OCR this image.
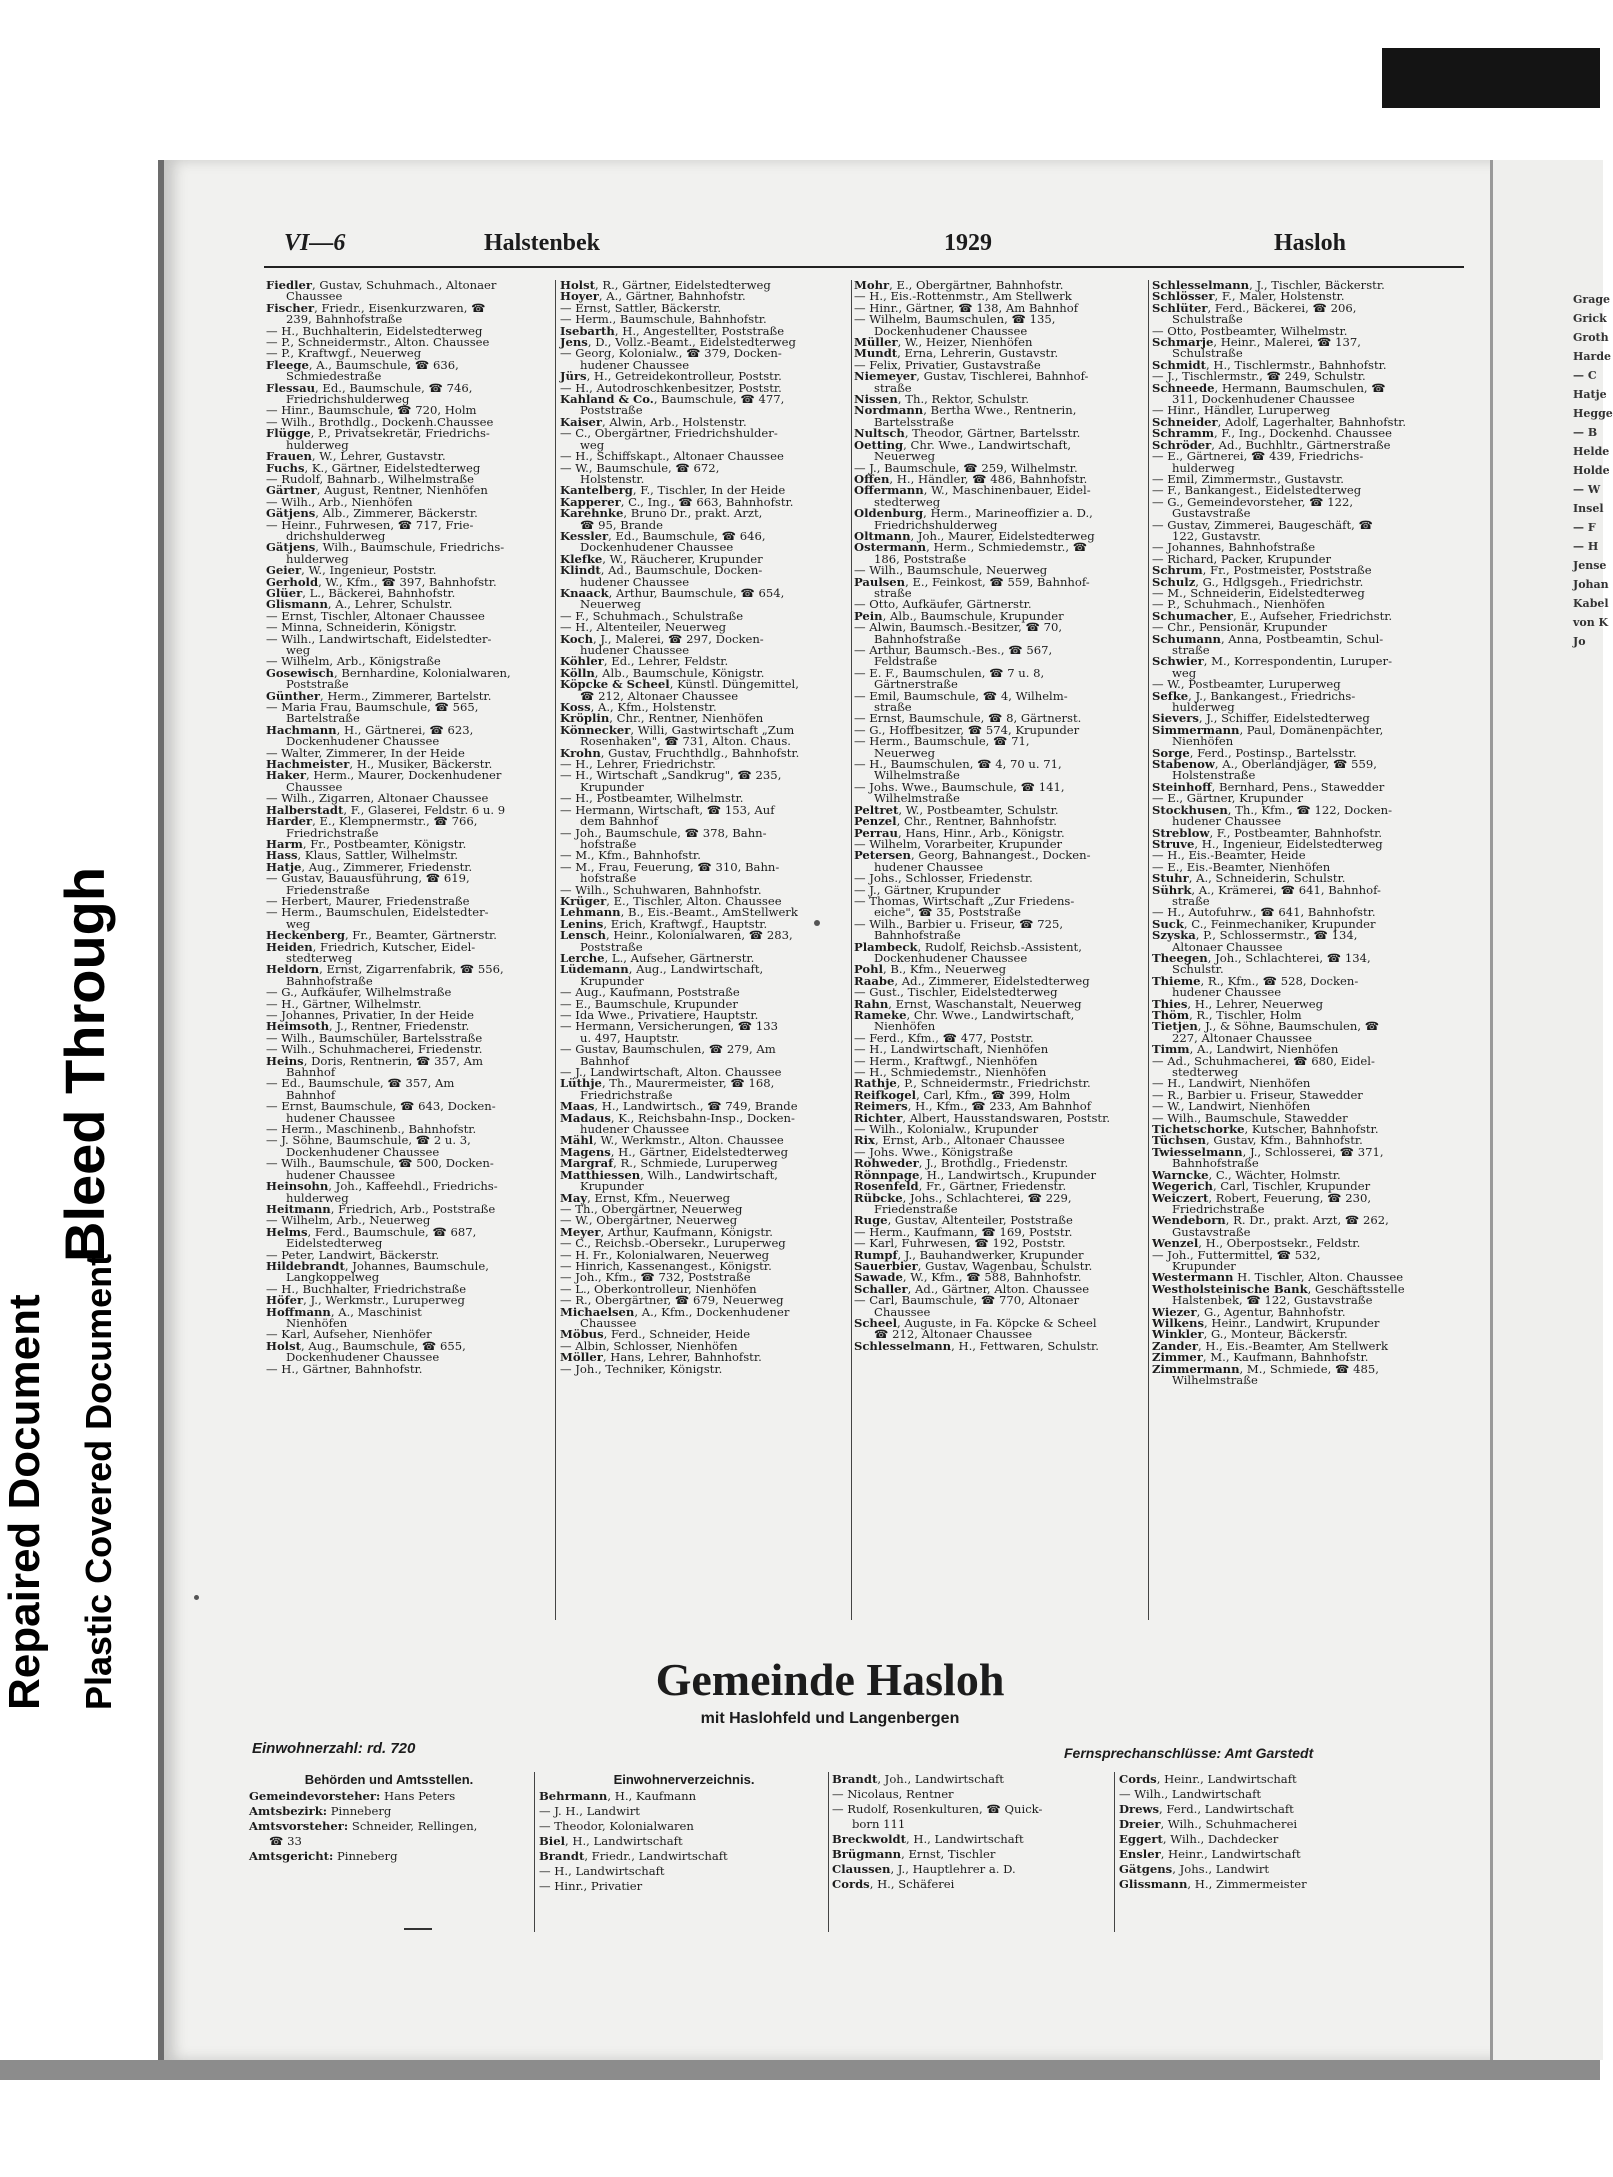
Repaired Document Plastic Covered Document
Bleed Through
VI—6	Halstenbek	1929	Hasloh
Fiedler, Gustav, Schuhmach., Altonaer
Chaussee
Fischer, Friedr., Eisenkurzwaren, ☎
239, Bahnhofstraße
— H., Buchhalterin, Eidelstedterweg
— P., Schneidermstr., Alton. Chaussee
— P., Kraftwgf., Neuerweg
Fleege, A., Baumschule, ☎ 636,
Schmiedestraße
Flessau, Ed., Baumschule, ☎ 746,
Friedrichshulderweg
— Hinr., Baumschule, ☎ 720, Holm
— Wilh., Brothdlg., Dockenh.Chaussee
Flügge, P., Privatsekretär, Friedrichs-
hulderweg
Frauen, W., Lehrer, Gustavstr.
Fuchs, K., Gärtner, Eidelstedterweg
— Rudolf, Bahnarb., Wilhelmstraße
Gärtner, August, Rentner, Nienhöfen
— Wilh., Arb., Nienhöfen
Gätjens, Alb., Zimmerer, Bäckerstr.
— Heinr., Fuhrwesen, ☎ 717, Frie-
drichshulderweg
Gätjens, Wilh., Baumschule, Friedrichs-
hulderweg
Geier, W., Ingenieur, Poststr.
Gerhold, W., Kfm., ☎ 397, Bahnhofstr.
Glüer, L., Bäckerei, Bahnhofstr.
Glismann, A., Lehrer, Schulstr.
— Ernst, Tischler, Altonaer Chaussee
— Minna, Schneiderin, Königstr.
— Wilh., Landwirtschaft, Eidelstedter-
weg
— Wilhelm, Arb., Königstraße
Gosewisch, Bernhardine, Kolonialwaren,
Poststraße
Günther, Herm., Zimmerer, Bartelstr.
— Maria Frau, Baumschule, ☎ 565,
Bartelstraße
Hachmann, H., Gärtnerei, ☎ 623,
Dockenhudener Chaussee
— Walter, Zimmerer, In der Heide
Hachmeister, H., Musiker, Bäckerstr.
Haker, Herm., Maurer, Dockenhudener
Chaussee
— Wilh., Zigarren, Altonaer Chaussee
Halberstadt, F., Glaserei, Feldstr. 6 u. 9
Harder, E., Klempnermstr., ☎ 766,
Friedrichstraße
Harm, Fr., Postbeamter, Königstr.
Hass, Klaus, Sattler, Wilhelmstr.
Hatje, Aug., Zimmerer, Friedenstr.
— Gustav, Bauausführung, ☎ 619,
Friedenstraße
— Herbert, Maurer, Friedenstraße
— Herm., Baumschulen, Eidelstedter-
weg
Heckenberg, Fr., Beamter, Gärtnerstr.
Heiden, Friedrich, Kutscher, Eidel-
stedterweg
Heldorn, Ernst, Zigarrenfabrik, ☎ 556,
Bahnhofstraße
— G., Aufkäufer, Wilhelmstraße
— H., Gärtner, Wilhelmstr.
— Johannes, Privatier, In der Heide
Heimsoth, J., Rentner, Friedenstr.
— Wilh., Baumschüler, Bartelsstraße
— Wilh., Schuhmacherei, Friedenstr.
Heins, Doris, Rentnerin, ☎ 357, Am
Bahnhof
— Ed., Baumschule, ☎ 357, Am
Bahnhof
— Ernst, Baumschule, ☎ 643, Docken-
hudener Chaussee
— Herm., Maschinenb., Bahnhofstr.
— J. Söhne, Baumschule, ☎ 2 u. 3,
Dockenhudener Chaussee
— Wilh., Baumschule, ☎ 500, Docken-
hudener Chaussee
Heinsohn, Joh., Kaffeehdl., Friedrichs-
hulderweg
Heitmann, Friedrich, Arb., Poststraße
— Wilhelm, Arb., Neuerweg
Helms, Ferd., Baumschule, ☎ 687,
Eidelstedterweg
— Peter, Landwirt, Bäckerstr.
Hildebrandt, Johannes, Baumschule,
Langkoppelweg
— H., Buchhalter, Friedrichstraße
Höfer, J., Werkmstr., Luruperweg
Hoffmann, A., Maschinist
Nienhöfen
— Karl, Aufseher, Nienhöfer
Holst, Aug., Baumschule, ☎ 655,
Dockenhudener Chaussee
— H., Gärtner, Bahnhofstr.
Holst, R., Gärtner, Eidelstedterweg
Hoyer, A., Gärtner, Bahnhofstr.
— Ernst, Sattler, Bäckerstr.
— Herm., Baumschule, Bahnhofstr.
Isebarth, H., Angestellter, Poststraße
Jens, D., Vollz.-Beamt., Eidelstedterweg
— Georg, Kolonialw., ☎ 379, Docken-
hudener Chaussee
Jürs, H., Getreidekontrolleur, Poststr.
— H., Autodroschkenbesitzer, Poststr.
Kahland & Co., Baumschule, ☎ 477,
Poststraße
Kaiser, Alwin, Arb., Holstenstr.
— C., Obergärtner, Friedrichshulder-
weg
— H., Schiffskapt., Altonaer Chaussee
— W., Baumschule, ☎ 672,
Holstenstr.
Kantelberg, F., Tischler, In der Heide
Kapperer, C., Ing., ☎ 663, Bahnhofstr.
Karehnke, Bruno Dr., prakt. Arzt,
☎ 95, Brande
Kessler, Ed., Baumschule, ☎ 646,
Dockenhudener Chaussee
Klefke, W., Räucherer, Krupunder
Klindt, Ad., Baumschule, Docken-
hudener Chaussee
Knaack, Arthur, Baumschule, ☎ 654,
Neuerweg
— F., Schuhmach., Schulstraße
— H., Altenteiler, Neuerweg
Koch, J., Malerei, ☎ 297, Docken-
hudener Chaussee
Köhler, Ed., Lehrer, Feldstr.
Kölln, Alb., Baumschule, Königstr.
Köpcke & Scheel, Künstl. Düngemittel,
☎ 212, Altonaer Chaussee
Koss, A., Kfm., Holstenstr.
Kröplin, Chr., Rentner, Nienhöfen
Könnecker, Willi, Gastwirtschaft „Zum
Rosenhaken", ☎ 731, Alton. Chaus.
Krohn, Gustav, Fruchthdlg., Bahnhofstr.
— H., Lehrer, Friedrichstr.
— H., Wirtschaft „Sandkrug", ☎ 235,
Krupunder
— H., Postbeamter, Wilhelmstr.
— Hermann, Wirtschaft, ☎ 153, Auf
dem Bahnhof
— Joh., Baumschule, ☎ 378, Bahn-
hofstraße
— M., Kfm., Bahnhofstr.
— M., Frau, Feuerung, ☎ 310, Bahn-
hofstraße
— Wilh., Schuhwaren, Bahnhofstr.
Krüger, E., Tischler, Alton. Chaussee
Lehmann, B., Eis.-Beamt., AmStellwerk
Lenins, Erich, Kraftwgf., Hauptstr.
Lensch, Heinr., Kolonialwaren, ☎ 283,
Poststraße
Lerche, L., Aufseher, Gärtnerstr.
Lüdemann, Aug., Landwirtschaft,
Krupunder
— Aug., Kaufmann, Poststraße
— E., Baumschule, Krupunder
— Ida Wwe., Privatiere, Hauptstr.
— Hermann, Versicherungen, ☎ 133
u. 497, Hauptstr.
— Gustav, Baumschulen, ☎ 279, Am
Bahnhof
— J., Landwirtschaft, Alton. Chaussee
Lüthje, Th., Maurermeister, ☎ 168,
Friedrichstraße
Maas, H., Landwirtsch., ☎ 749, Brande
Madaus, K., Reichsbahn-Insp., Docken-
hudener Chaussee
Mähl, W., Werkmstr., Alton. Chaussee
Magens, H., Gärtner, Eidelstedterweg
Margraf, R., Schmiede, Luruperweg
Matthiessen, Wilh., Landwirtschaft,
Krupunder
May, Ernst, Kfm., Neuerweg
— Th., Obergärtner, Neuerweg
— W., Obergärtner, Neuerweg
Meyer, Arthur, Kaufmann, Königstr.
— C., Reichsb.-Obersekr., Luruperweg
— H. Fr., Kolonialwaren, Neuerweg
— Hinrich, Kassenangest., Königstr.
— Joh., Kfm., ☎ 732, Poststraße
— L., Oberkontrolleur, Nienhöfen
— R., Obergärtner, ☎ 679, Neuerweg
Michaelsen, A., Kfm., Dockenhudener
Chaussee
Möbus, Ferd., Schneider, Heide
— Albin, Schlosser, Nienhöfen
Möller, Hans, Lehrer, Bahnhofstr.
— Joh., Techniker, Königstr.
Mohr, E., Obergärtner, Bahnhofstr.
— H., Eis.-Rottenmstr., Am Stellwerk
— Hinr., Gärtner, ☎ 138, Am Bahnhof
— Wilhelm, Baumschulen, ☎ 135,
Dockenhudener Chaussee
Müller, W., Heizer, Nienhöfen
Mundt, Erna, Lehrerin, Gustavstr.
— Felix, Privatier, Gustavstraße
Niemeyer, Gustav, Tischlerei, Bahnhof-
straße
Nissen, Th., Rektor, Schulstr.
Nordmann, Bertha Wwe., Rentnerin,
Bartelsstraße
Nultsch, Theodor, Gärtner, Bartelsstr.
Oetting, Chr. Wwe., Landwirtschaft,
Neuerweg
— J., Baumschule, ☎ 259, Wilhelmstr.
Offen, H., Händler, ☎ 486, Bahnhofstr.
Offermann, W., Maschinenbauer, Eidel-
stedterweg
Oldenburg, Herm., Marineoffizier a. D.,
Friedrichshulderweg
Oltmann, Joh., Maurer, Eidelstedterweg
Ostermann, Herm., Schmiedemstr., ☎
186, Poststraße
— Wilh., Baumschule, Neuerweg
Paulsen, E., Feinkost, ☎ 559, Bahnhof-
straße
— Otto, Aufkäufer, Gärtnerstr.
Pein, Alb., Baumschule, Krupunder
— Alwin, Baumsch.-Besitzer, ☎ 70,
Bahnhofstraße
— Arthur, Baumsch.-Bes., ☎ 567,
Feldstraße
— E. F., Baumschulen, ☎ 7 u. 8,
Gärtnerstraße
— Emil, Baumschule, ☎ 4, Wilhelm-
straße
— Ernst, Baumschule, ☎ 8, Gärtnerst.
— G., Hoffbesitzer, ☎ 574, Krupunder
— Herm., Baumschule, ☎ 71,
Neuerweg
— H., Baumschulen, ☎ 4, 70 u. 71,
Wilhelmstraße
— Johs. Wwe., Baumschule, ☎ 141,
Wilhelmstraße
Peltret, W., Postbeamter, Schulstr.
Penzel, Chr., Rentner, Bahnhofstr.
Perrau, Hans, Hinr., Arb., Königstr.
— Wilhelm, Vorarbeiter, Krupunder
Petersen, Georg, Bahnangest., Docken-
hudener Chaussee
— Johs., Schlosser, Friedenstr.
— J., Gärtner, Krupunder
— Thomas, Wirtschaft „Zur Friedens-
eiche", ☎ 35, Poststraße
— Wilh., Barbier u. Friseur, ☎ 725,
Bahnhofstraße
Plambeck, Rudolf, Reichsb.-Assistent,
Dockenhudener Chaussee
Pohl, B., Kfm., Neuerweg
Raabe, Ad., Zimmerer, Eidelstedterweg
— Gust., Tischler, Eidelstedterweg
Rahn, Ernst, Waschanstalt, Neuerweg
Rameke, Chr. Wwe., Landwirtschaft,
Nienhöfen
— Ferd., Kfm., ☎ 477, Poststr.
— H., Landwirtschaft, Nienhöfen
— Herm., Kraftwgf., Nienhöfen
— H., Schmiedemstr., Nienhöfen
Rathje, P., Schneidermstr., Friedrichstr.
Reifkogel, Carl, Kfm., ☎ 399, Holm
Reimers, H., Kfm., ☎ 233, Am Bahnhof
Richter, Albert, Hausstandswaren, Poststr.
— Wilh., Kolonialw., Krupunder
Rix, Ernst, Arb., Altonaer Chaussee
— Johs. Wwe., Königstraße
Rohweder, J., Brothdlg., Friedenstr.
Rönnpage, H., Landwirtsch., Krupunder
Rosenfeld, Fr., Gärtner, Friedenstr.
Rübcke, Johs., Schlachterei, ☎ 229,
Friedenstraße
Ruge, Gustav, Altenteiler, Poststraße
— Herm., Kaufmann, ☎ 169, Poststr.
— Karl, Fuhrwesen, ☎ 192, Poststr.
Rumpf, J., Bauhandwerker, Krupunder
Sauerbier, Gustav, Wagenbau, Schulstr.
Sawade, W., Kfm., ☎ 588, Bahnhofstr.
Schaller, Ad., Gärtner, Alton. Chaussee
— Carl, Baumschule, ☎ 770, Altonaer
Chaussee
Scheel, Auguste, in Fa. Köpcke & Scheel
☎ 212, Altonaer Chaussee
Schlesselmann, H., Fettwaren, Schulstr.
Schlesselmann, J., Tischler, Bäckerstr.
Schlösser, F., Maler, Holstenstr.
Schlüter, Ferd., Bäckerei, ☎ 206,
Schulstraße
— Otto, Postbeamter, Wilhelmstr.
Schmarje, Heinr., Malerei, ☎ 137,
Schulstraße
Schmidt, H., Tischlermstr., Bahnhofstr.
— J., Tischlermstr., ☎ 249, Schulstr.
Schneede, Hermann, Baumschulen, ☎
311, Dockenhudener Chaussee
— Hinr., Händler, Luruperweg
Schneider, Adolf, Lagerhalter, Bahnhofstr.
Schramm, F., Ing., Dockenhd. Chaussee
Schröder, Ad., Buchhltr., Gärtnerstraße
— E., Gärtnerei, ☎ 439, Friedrichs-
hulderweg
— Emil, Zimmermstr., Gustavstr.
— F., Bankangest., Eidelstedterweg
— G., Gemeindevorsteher, ☎ 122,
Gustavstraße
— Gustav, Zimmerei, Baugeschäft, ☎
122, Gustavstr.
— Johannes, Bahnhofstraße
— Richard, Packer, Krupunder
Schrum, Fr., Postmeister, Poststraße
Schulz, G., Hdlgsgeh., Friedrichstr.
— M., Schneiderin, Eidelstedterweg
— P., Schuhmach., Nienhöfen
Schumacher, E., Aufseher, Friedrichstr.
— Chr., Pensionär, Krupunder
Schumann, Anna, Postbeamtin, Schul-
straße
Schwier, M., Korrespondentin, Luruper-
weg
— W., Postbeamter, Luruperweg
Sefke, J., Bankangest., Friedrichs-
hulderweg
Sievers, J., Schiffer, Eidelstedterweg
Simmermann, Paul, Domänenpächter,
Nienhöfen
Sorge, Ferd., Postinsp., Bartelsstr.
Stabenow, A., Oberlandjäger, ☎ 559,
Holstenstraße
Steinhoff, Bernhard, Pens., Stawedder
— E., Gärtner, Krupunder
Stockhusen, Th., Kfm., ☎ 122, Docken-
hudener Chaussee
Streblow, F., Postbeamter, Bahnhofstr.
Struve, H., Ingenieur, Eidelstedterweg
— H., Eis.-Beamter, Heide
— E., Eis.-Beamter, Nienhöfen
Stuhr, A., Schneiderin, Schulstr.
Sührk, A., Krämerei, ☎ 641, Bahnhof-
straße
— H., Autofuhrw., ☎ 641, Bahnhofstr.
Suck, C., Feinmechaniker, Krupunder
Szyska, P., Schlossermstr., ☎ 134,
Altonaer Chaussee
Theegen, Joh., Schlachterei, ☎ 134,
Schulstr.
Thieme, R., Kfm., ☎ 528, Docken-
hudener Chaussee
Thies, H., Lehrer, Neuerweg
Thöm, R., Tischler, Holm
Tietjen, J., & Söhne, Baumschulen, ☎
227, Altonaer Chaussee
Timm, A., Landwirt, Nienhöfen
— Ad., Schuhmacherei, ☎ 680, Eidel-
stedterweg
— H., Landwirt, Nienhöfen
— R., Barbier u. Friseur, Stawedder
— W., Landwirt, Nienhöfen
— Wilh., Baumschule, Stawedder
Tichetschorke, Kutscher, Bahnhofstr.
Tüchsen, Gustav, Kfm., Bahnhofstr.
Twiesselmann, J., Schlosserei, ☎ 371,
Bahnhofstraße
Warncke, C., Wächter, Holmstr.
Wegerich, Carl, Tischler, Krupunder
Weiczert, Robert, Feuerung, ☎ 230,
Friedrichstraße
Wendeborn, R. Dr., prakt. Arzt, ☎ 262,
Gustavstraße
Wenzel, H., Oberpostsekr., Feldstr.
— Joh., Futtermittel, ☎ 532,
Krupunder
Westermann H. Tischler, Alton. Chaussee
Westholsteinische Bank, Geschäftsstelle
Halstenbek, ☎ 122, Gustavstraße
Wiezer, G., Agentur, Bahnhofstr.
Wilkens, Heinr., Landwirt, Krupunder
Winkler, G., Monteur, Bäckerstr.
Zander, H., Eis.-Beamter, Am Stellwerk
Zimmer, M., Kaufmann, Bahnhofstr.
Zimmermann, M., Schmiede, ☎ 485,
Wilhelmstraße
Gemeinde Hasloh
mit Haslohfeld und Langenbergen
Einwohnerzahl: rd. 720	Fernsprechanschlüsse: Amt Garstedt
Behörden und Amtsstellen.
Gemeindevorsteher: Hans Peters
Amtsbezirk: Pinneberg
Amtsvorsteher: Schneider, Rellingen,
☎ 33
Amtsgericht: Pinneberg
Einwohnerverzeichnis.
Behrmann, H., Kaufmann
— J. H., Landwirt
— Theodor, Kolonialwaren
Biel, H., Landwirtschaft
Brandt, Friedr., Landwirtschaft
— H., Landwirtschaft
— Hinr., Privatier
Brandt, Joh., Landwirtschaft
— Nicolaus, Rentner
— Rudolf, Rosenkulturen, ☎ Quick-
born 111
Breckwoldt, H., Landwirtschaft
Brügmann, Ernst, Tischler
Claussen, J., Hauptlehrer a. D.
Cords, H., Schäferei
Cords, Heinr., Landwirtschaft
— Wilh., Landwirtschaft
Drews, Ferd., Landwirtschaft
Dreier, Wilh., Schuhmacherei
Eggert, Wilh., Dachdecker
Ensler, Heinr., Landwirtschaft
Gätgens, Johs., Landwirt
Glissmann, H., Zimmermeister
Grage
Grick
Groth
Harde
— C
Hatje
Hegge
— B
Helde
Holde
— W
Insel
— F
— H
Jense
Johan
Kabel
von K
Jo
